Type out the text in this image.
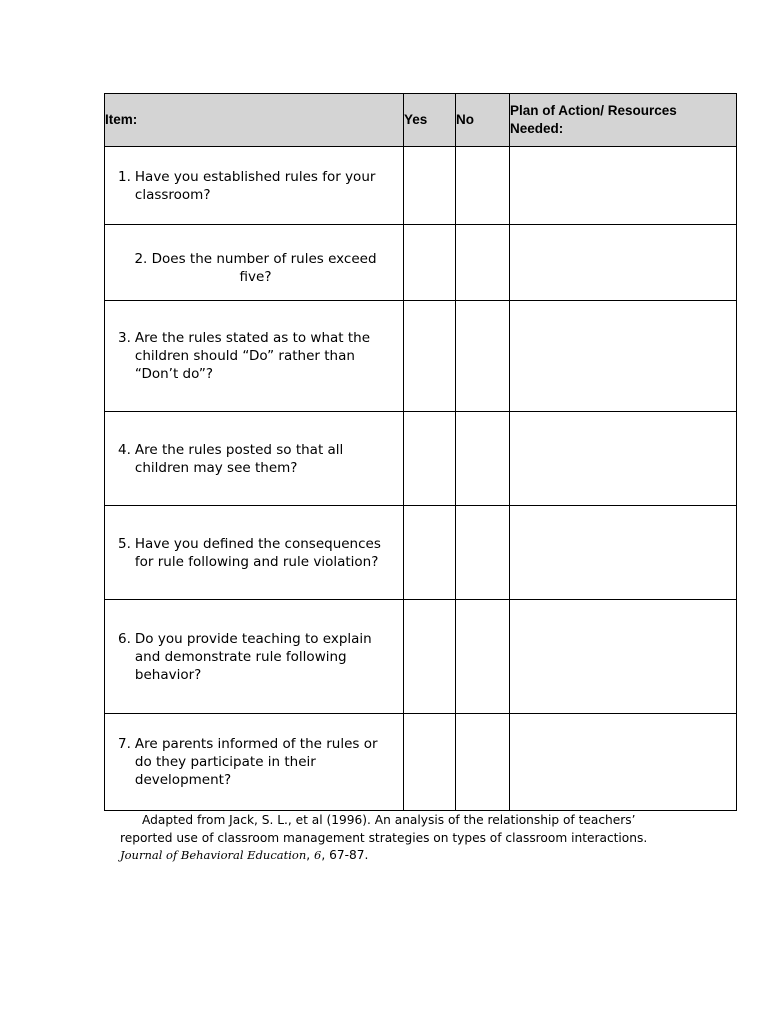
Item:	Yes	No	Plan of Action/ Resources
Needed:

1. Have you established rules for your classroom?			

2. Does the number of rules exceed five?			

3. Are the rules stated as to what the children should “Do” rather than “Don’t do”?			

4. Are the rules posted so that all children may see them?			

5. Have you defined the consequences for rule following and rule violation?			

6. Do you provide teaching to explain and demonstrate rule following behavior?			

7. Are parents informed of the rules or do they participate in their development?			

Adapted from Jack, S. L., et al (1996). An analysis of the relationship of teachers’
reported use of classroom management strategies on types of classroom interactions.
Journal of Behavioral Education, 6, 67-87.
